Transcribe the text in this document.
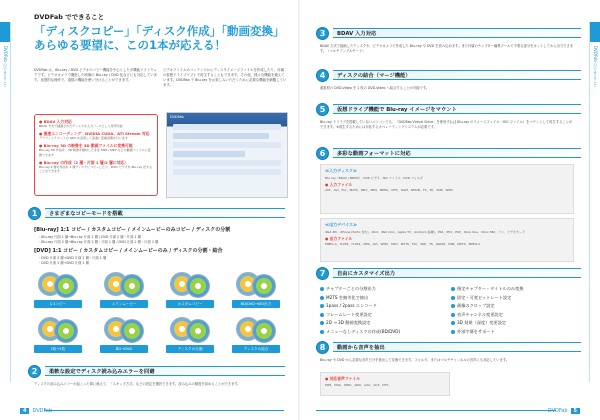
DVDFab のできること
DVDFab でできること
「ディスクコピー」「ディスク作成」「動画変換」
あらゆる要望に、この1本が応える！
DVDFab は、Blu-ray / DVD ビデオのコピー機能を中心とした多機能ソフトウェアです。ビデオカメラで撮影した映像の Blu-ray / DVD 化などにも対応しています。直感的な操作で、複数の機能を使い分けることができます。
ビデオファイルのコンテンツからディスクイメージファイルを作成したり、付属の仮想ドライブソフトで再生することもできます。その他、様々な機能を備えています。DVDFab で Blu-ray をお楽しみいただくために必要な機能を網羅しています。
● BDAV 入力対応
BDAV 方式で録画されたディスクを入力ソースとして使用可能
● 高速エンコーディング：NVIDIA CUDA、ATI Stream 対応
グラフィックボードの GPU を活用して高速に変換処理を行います
● Blu-ray 3D の映像を 3D 動画ファイルに変換可能
Blu-ray 3D 作品を、3D 映像を維持したまま MP4 / MKV などの動画ファイルに変換できます
● Blu-ray の作成（2 層・片面 1 層/2 層に対応）
Blu-ray 2 層の作品を 1 層ディスクにコピーしたり、DVD ビデオを Blu-ray 化することができます
DVDFab
1	さまざまなコピーモードを搭載
[Blu-ray] 1:1 コピー / カスタムコピー / メインムービーのみコピー / ディスクの分割
・Blu-ray 片面 1 層→Blu-ray 片面 1 層 / DVD 片面 2 層・片面 1 層
・Blu-ray 片面 2 層→Blu-ray 片面 2 層・片面 1 層 / DVD 片面 2 層・片面 1 層
[DVD] 1:1 コピー / カスタムコピー / メインムービーのみ / ディスクの分割・結合
・DVD 片面 2 層→DVD 片面 2 層・片面 1 層
・DVD 片面 1 層→DVD 片面 1 層
1:1コピー	メインムービー	カスタムコピー	BD/DVD→ISO出力
2枚→1枚	BD→DVD	ディスクの分割	ディスクの結合
2	柔軟な設定でディスク読み込みエラーを回避
ディスクの読み込みエラーが起こった際に備えて、「スキップ方式」などの設定を選択できます。読み込みの精度を高めることができます。
4	DVDFab
DVDFab のできること
3	BDAV 入力対応
BDAV 方式で録画したディスクや、ビデオカメラで作成した Blu-ray や DVD を読み込めます。また付属のチャプター編集ツールで不要な部分をカットしてから出力できます。（マルチアングルモード）
4	ディスクの結合（マージ機能）
複数枚の DVD-Video を 1 枚の DVD-Video へ結合することが可能です。
5	仮想ドライブ機能で Blu-ray イメージをマウント
Blu-ray ドライブを搭載していないパソコンでも、「DVDFab Virtual Drive」を使用すれば Blu-ray のイメージファイル（ISO ファイル）をマウントして再生することができます。※再生するためには対応するオペレーティングシステムが必要です。
6	多彩な動画フォーマットに対応
≪入力ディスク≫
Blu-ray（BDAV / BDMV）、DVD ビデオ、ISO ファイル、DVD フォルダ
● 入力ファイル
ASF、AVI、FLV、M2TS、MKV、MP4、MPEG、MTS、OGM、RMVB、TS、TP、VOB、WMV
≪出力デバイス≫
iPad 4th、iPhone (5s/5c 含む)、iPod、iPad mini、Apple TV、Android (各種)、PS4、PS3、PSP、Xbox One、Xbox 360、ゾン、ビデオカード
● 出力ファイル
MPEG-4、H.265、H.264、MP4、AVI、WMV、MKV、M2TS、FLV、3GP、TS、WebM、VOB、M2TS、MPEG-2
7	自由にカスタマイズ出力
チャプターごとの分割出力	指定チャプター・タイトルのみ変換
M2TS を無劣化で抽出	固定・可変ビットレート設定
1pass / 2pass エンコード	画像のクロップ設定
フレームレート変更設定	音声チャンネル変更設定
2D → 3D 動画変換設定	3D 効果（深度）変更設定
メニューなしディスクの作成(BD/DVD)	外部字幕をサポート
8	動画から音声を抽出
Blu-ray や DVD から必要な音声だけを抽出して変換できます。フォルダ、またはマルチチャンネルの音声にも対応しています。
● 対応音声ファイル
MP3、M4A、WMA、WAV、AAC、AC3、DTS
DVDFab	5
